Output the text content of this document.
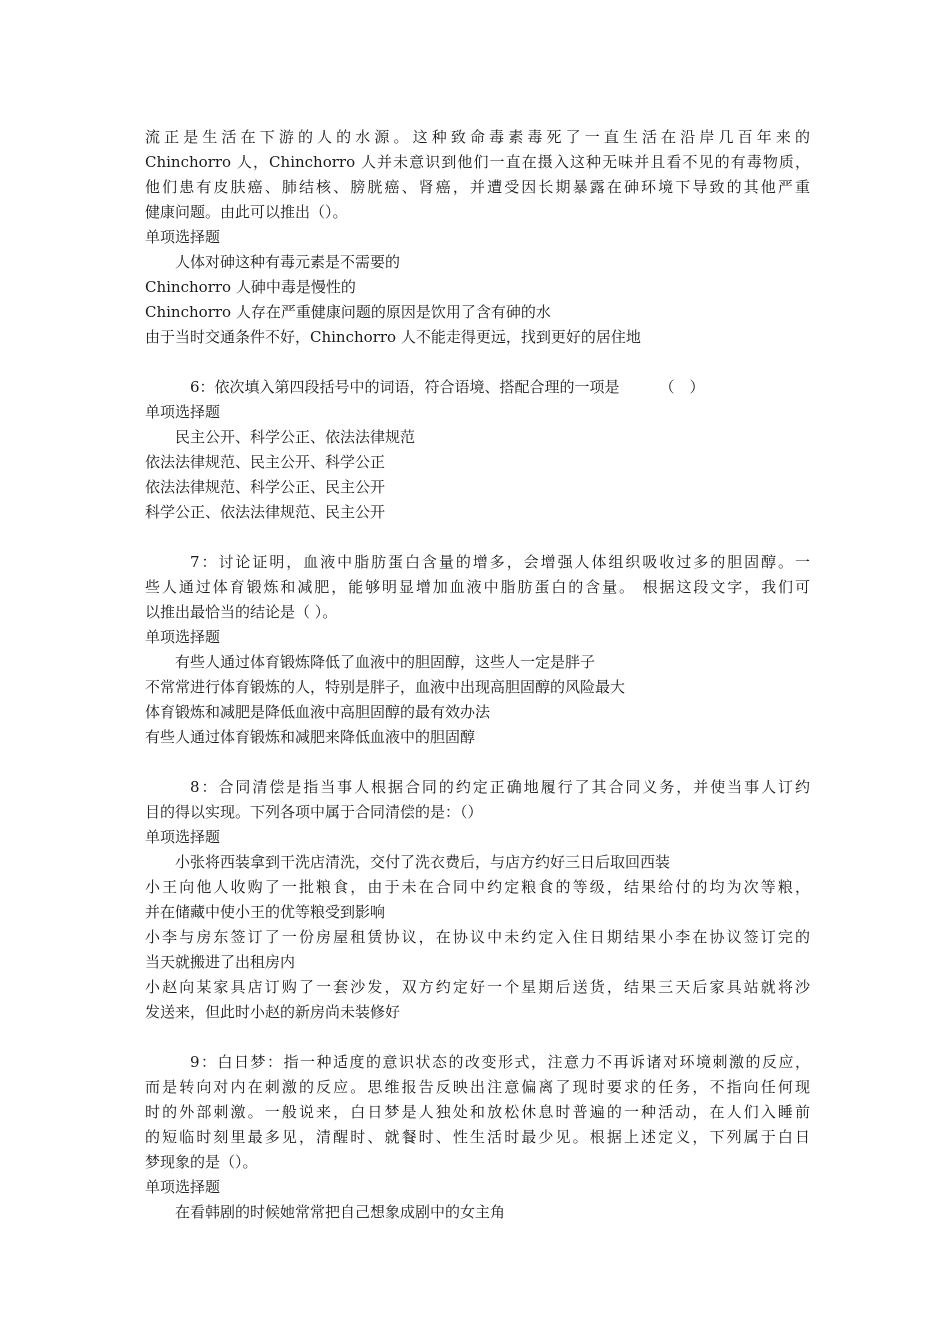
流正是生活在下游的人的水源。这种致命毒素毒死了一直生活在沿岸几百年来的
Chinchorro 人，Chinchorro 人并未意识到他们一直在摄入这种无味并且看不见的有毒物质，
他们患有皮肤癌、肺结核、膀胱癌、肾癌，并遭受因长期暴露在砷环境下导致的其他严重
健康问题。由此可以推出（）。
单项选择题
人体对砷这种有毒元素是不需要的
Chinchorro 人砷中毒是慢性的
Chinchorro 人存在严重健康问题的原因是饮用了含有砷的水
由于当时交通条件不好，Chinchorro 人不能走得更远，找到更好的居住地
6：依次填入第四段括号中的词语，符合语境、搭配合理的一项是	（　）
单项选择题
民主公开、科学公正、依法法律规范
依法法律规范、民主公开、科学公正
依法法律规范、科学公正、民主公开
科学公正、依法法律规范、民主公开
7：讨论证明，血液中脂肪蛋白含量的增多，会增强人体组织吸收过多的胆固醇。一
些人通过体育锻炼和减肥，能够明显增加血液中脂肪蛋白的含量。 根据这段文字，我们可
以推出最恰当的结论是（ ）。
单项选择题
有些人通过体育锻炼降低了血液中的胆固醇，这些人一定是胖子
不常常进行体育锻炼的人，特别是胖子，血液中出现高胆固醇的风险最大
体育锻炼和减肥是降低血液中高胆固醇的最有效办法
有些人通过体育锻炼和减肥来降低血液中的胆固醇
8：合同清偿是指当事人根据合同的约定正确地履行了其合同义务，并使当事人订约
目的得以实现。下列各项中属于合同清偿的是：（）
单项选择题
小张将西装拿到干洗店清洗，交付了洗衣费后，与店方约好三日后取回西装
小王向他人收购了一批粮食，由于未在合同中约定粮食的等级，结果给付的均为次等粮，
并在储藏中使小王的优等粮受到影响
小李与房东签订了一份房屋租赁协议，在协议中未约定入住日期结果小李在协议签订完的
当天就搬进了出租房内
小赵向某家具店订购了一套沙发，双方约定好一个星期后送货，结果三天后家具站就将沙
发送来，但此时小赵的新房尚未装修好
9：白日梦：指一种适度的意识状态的改变形式，注意力不再诉诸对环境刺激的反应，
而是转向对内在刺激的反应。思维报告反映出注意偏离了现时要求的任务，不指向任何现
时的外部刺激。一般说来，白日梦是人独处和放松休息时普遍的一种活动，在人们入睡前
的短临时刻里最多见，清醒时、就餐时、性生活时最少见。根据上述定义，下列属于白日
梦现象的是（）。
单项选择题
在看韩剧的时候她常常把自己想象成剧中的女主角
